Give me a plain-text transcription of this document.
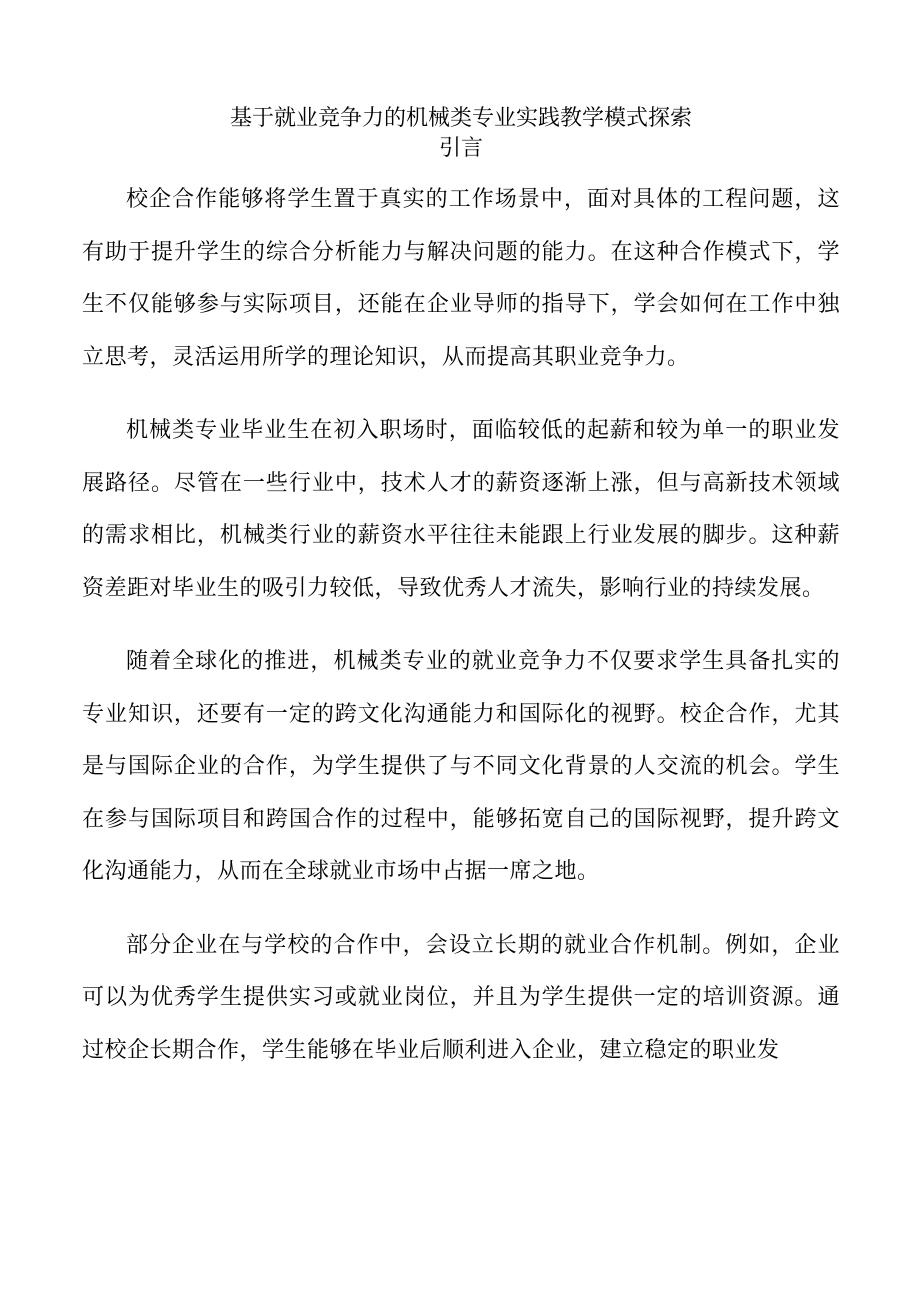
基于就业竞争力的机械类专业实践教学模式探索
引言

校企合作能够将学生置于真实的工作场景中，面对具体的工程问题，这有助于提升学生的综合分析能力与解决问题的能力。在这种合作模式下，学生不仅能够参与实际项目，还能在企业导师的指导下，学会如何在工作中独立思考，灵活运用所学的理论知识，从而提高其职业竞争力。

机械类专业毕业生在初入职场时，面临较低的起薪和较为单一的职业发展路径。尽管在一些行业中，技术人才的薪资逐渐上涨，但与高新技术领域的需求相比，机械类行业的薪资水平往往未能跟上行业发展的脚步。这种薪资差距对毕业生的吸引力较低，导致优秀人才流失，影响行业的持续发展。

随着全球化的推进，机械类专业的就业竞争力不仅要求学生具备扎实的专业知识，还要有一定的跨文化沟通能力和国际化的视野。校企合作，尤其是与国际企业的合作，为学生提供了与不同文化背景的人交流的机会。学生在参与国际项目和跨国合作的过程中，能够拓宽自己的国际视野，提升跨文化沟通能力，从而在全球就业市场中占据一席之地。

部分企业在与学校的合作中，会设立长期的就业合作机制。例如，企业可以为优秀学生提供实习或就业岗位，并且为学生提供一定的培训资源。通过校企长期合作，学生能够在毕业后顺利进入企业，建立稳定的职业发
